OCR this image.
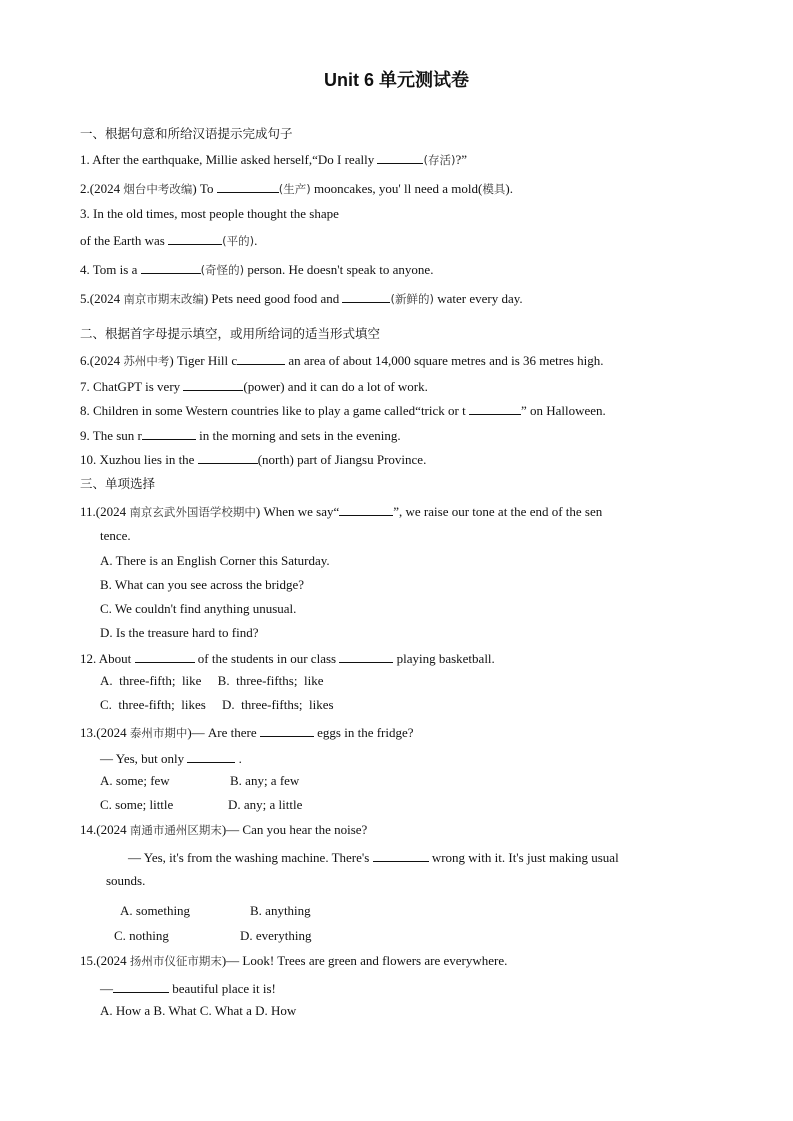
Unit 6 单元测试卷
一、根据句意和所给汉语提示完成句子
1. After the earthquake, Millie asked herself,“Do I really	(存活)?”
2.(2024 烟台中考改编) To	(生产) mooncakes, you' ll need a mold(模具).
3. In the old times, most people thought the shape
of the Earth was	(平的).
4. Tom is a	(奇怪的) person. He doesn't speak to anyone.
5.(2024 南京市期末改编) Pets need good food and	(新鲜的) water every day.
二、根据首字母提示填空，或用所给词的适当形式填空
6.(2024 苏州中考) Tiger Hill c	an area of about 14,000 square metres and is 36 metres high.
7. ChatGPT is very	(power) and it can do a lot of work.
8. Children in some Western countries like to play a game called“trick or t	” on Halloween.
9. The sun r	in the morning and sets in the evening.
10. Xuzhou lies in the	(north) part of Jiangsu Province.
三、单项选择
11.(2024 南京玄武外国语学校期中) When we say“	”, we raise our tone at the end of the sen
tence.
A. There is an English Corner this Saturday.
B. What can you see across the bridge?
C. We couldn't find anything unusual.
D. Is the treasure hard to find?
12. About	of the students in our class	playing basketball.
A.  three-fifth;  like     B.  three-fifths;  like
C.  three-fifth;  likes     D.  three-fifths;  likes
13.(2024 泰州市期中)— Are there	eggs in the fridge?
— Yes, but only	.
A. some; few	B. any; a few
C. some; little	D. any; a little
14.(2024 南通市通州区期末)— Can you hear the noise?
— Yes, it's from the washing machine. There's	wrong with it. It's just making usual
sounds.
A. something	B. anything
C. nothing	D. everything
15.(2024 扬州市仪征市期末)— Look! Trees are green and flowers are everywhere.
—	beautiful place it is!
A. How a B. What C. What a D. How
